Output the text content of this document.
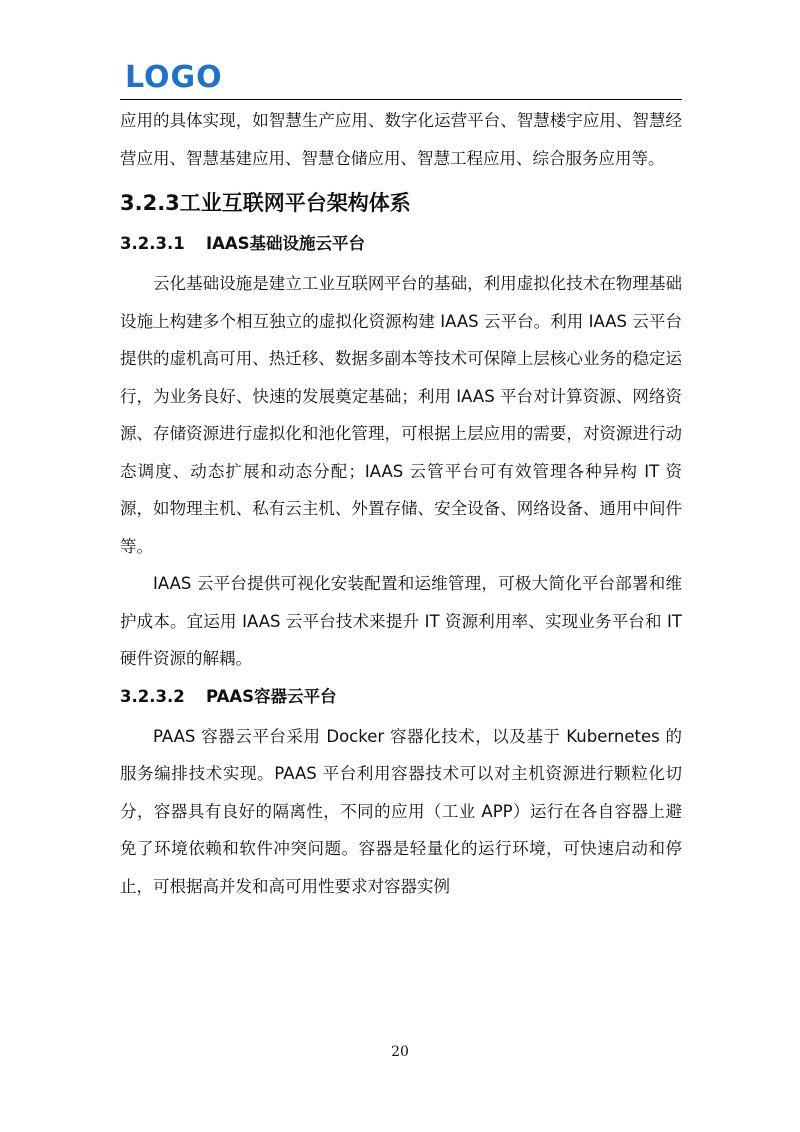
LOGO

应用的具体实现，如智慧生产应用、数字化运营平台、智慧楼宇应用、智慧经营应用、智慧基建应用、智慧仓储应用、智慧工程应用、综合服务应用等。

3.2.3工业互联网平台架构体系
3.2.3.1 IAAS基础设施云平台

云化基础设施是建立工业互联网平台的基础，利用虚拟化技术在物理基础设施上构建多个相互独立的虚拟化资源构建 IAAS 云平台。利用 IAAS 云平台提供的虚机高可用、热迁移、数据多副本等技术可保障上层核心业务的稳定运行，为业务良好、快速的发展奠定基础；利用 IAAS 平台对计算资源、网络资源、存储资源进行虚拟化和池化管理，可根据上层应用的需要，对资源进行动态调度、动态扩展和动态分配；IAAS 云管平台可有效管理各种异构 IT 资源，如物理主机、私有云主机、外置存储、安全设备、网络设备、通用中间件等。

IAAS 云平台提供可视化安装配置和运维管理，可极大简化平台部署和维护成本。宜运用 IAAS 云平台技术来提升 IT 资源利用率、实现业务平台和 IT 硬件资源的解耦。

3.2.3.2 PAAS容器云平台

PAAS 容器云平台采用 Docker 容器化技术，以及基于 Kubernetes 的服务编排技术实现。PAAS 平台利用容器技术可以对主机资源进行颗粒化切分，容器具有良好的隔离性，不同的应用（工业 APP）运行在各自容器上避免了环境依赖和软件冲突问题。容器是轻量化的运行环境，可快速启动和停止，可根据高并发和高可用性要求对容器实例

20
